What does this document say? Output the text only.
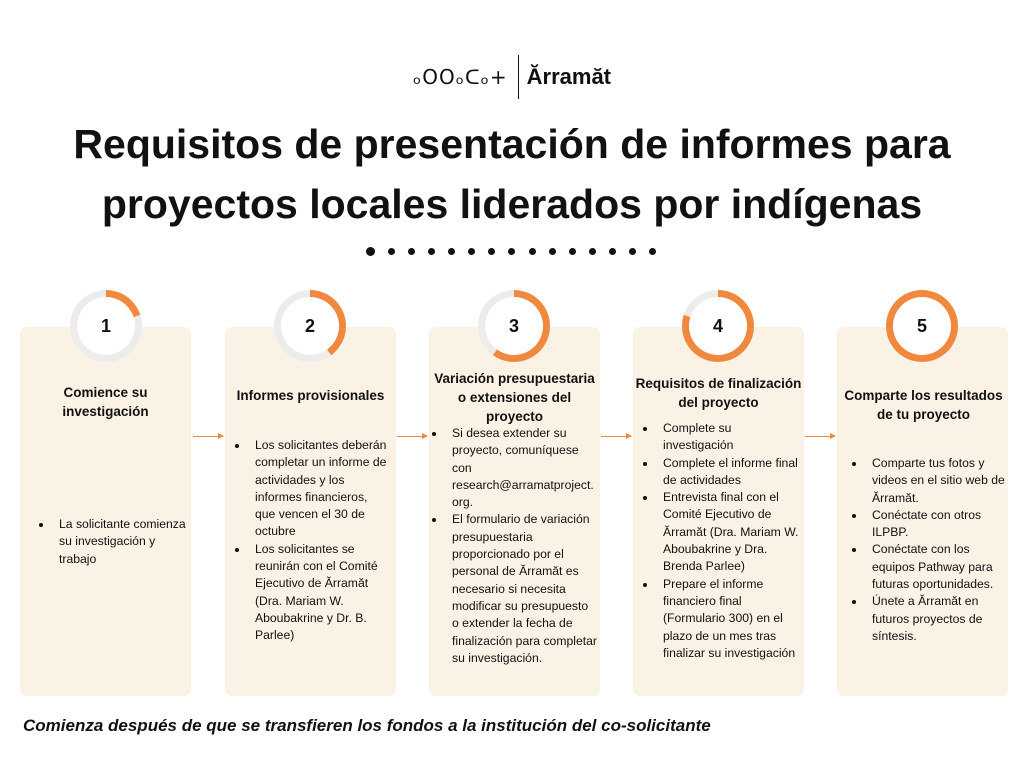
ₒOOₒᑕₒ+ Ărramăt
Requisitos de presentación de informes para
proyectos locales liderados por indígenas
Comience su investigación
• La solicitante comienza su investigación y trabajo
Informes provisionales
• Los solicitantes deberán completar un informe de actividades y los informes financieros, que vencen el 30 de octubre
• Los solicitantes se reunirán con el Comité Ejecutivo de Ărramăt (Dra. Mariam W. Aboubakrine y Dr. B. Parlee)
Variación presupuestaria o extensiones del proyecto
• Si desea extender su proyecto, comuníquese con research@arramatproject.org.
• El formulario de variación presupuestaria proporcionado por el personal de Ărramăt es necesario si necesita modificar su presupuesto o extender la fecha de finalización para completar su investigación.
Requisitos de finalización del proyecto
• Complete su investigación
• Complete el informe final de actividades
• Entrevista final con el Comité Ejecutivo de Ărramăt (Dra. Mariam W. Aboubakrine y Dra. Brenda Parlee)
• Prepare el informe financiero final (Formulario 300) en el plazo de un mes tras finalizar su investigación
Comparte los resultados de tu proyecto
• Comparte tus fotos y videos en el sitio web de Ărramăt.
• Conéctate con otros ILPBP.
• Conéctate con los equipos Pathway para futuras oportunidades.
• Únete a Ărramăt en futuros proyectos de síntesis.
1	2	3	4	5

Comienza después de que se transfieren los fondos a la institución del co-solicitante
